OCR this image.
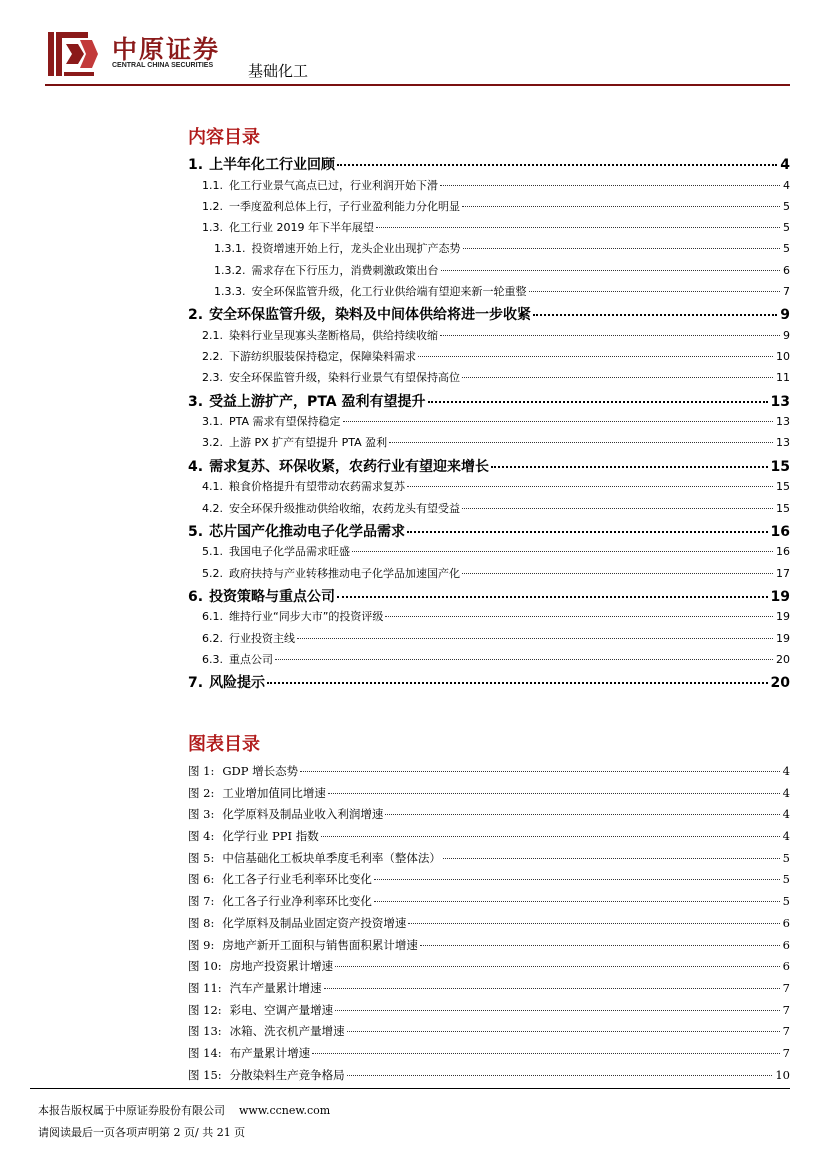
中原证券
CENTRAL CHINA SECURITIES 基础化工
内容目录
1. 上半年化工行业回顾	4
1.1. 化工行业景气高点已过，行业利润开始下滑	4
1.2. 一季度盈利总体上行，子行业盈利能力分化明显	5
1.3. 化工行业 2019 年下半年展望	5
1.3.1. 投资增速开始上行，龙头企业出现扩产态势	5
1.3.2. 需求存在下行压力，消费刺激政策出台	6
1.3.3. 安全环保监管升级，化工行业供给端有望迎来新一轮重整	7
2. 安全环保监管升级，染料及中间体供给将进一步收紧	9
2.1. 染料行业呈现寡头垄断格局，供给持续收缩	9
2.2. 下游纺织服装保持稳定，保障染料需求	10
2.3. 安全环保监管升级，染料行业景气有望保持高位	11
3. 受益上游扩产，PTA 盈利有望提升	13
3.1. PTA 需求有望保持稳定	13
3.2. 上游 PX 扩产有望提升 PTA 盈利	13
4. 需求复苏、环保收紧，农药行业有望迎来增长	15
4.1. 粮食价格提升有望带动农药需求复苏	15
4.2. 安全环保升级推动供给收缩，农药龙头有望受益	15
5. 芯片国产化推动电子化学品需求	16
5.1. 我国电子化学品需求旺盛	16
5.2. 政府扶持与产业转移推动电子化学品加速国产化	17
6. 投资策略与重点公司	19
6.1. 维持行业“同步大市”的投资评级	19
6.2. 行业投资主线	19
6.3. 重点公司	20
7. 风险提示	20
图表目录
图 1: GDP 增长态势	4
图 2: 工业增加值同比增速	4
图 3: 化学原料及制品业收入利润增速	4
图 4: 化学行业 PPI 指数	4
图 5: 中信基础化工板块单季度毛利率（整体法）	5
图 6: 化工各子行业毛利率环比变化	5
图 7: 化工各子行业净利率环比变化	5
图 8: 化学原料及制品业固定资产投资增速	6
图 9: 房地产新开工面积与销售面积累计增速	6
图 10: 房地产投资累计增速	6
图 11: 汽车产量累计增速	7
图 12: 彩电、空调产量增速	7
图 13: 冰箱、洗衣机产量增速	7
图 14: 布产量累计增速	7
图 15: 分散染料生产竞争格局	10
本报告版权属于中原证券股份有限公司 www.ccnew.com
请阅读最后一页各项声明第 2 页/ 共 21 页
